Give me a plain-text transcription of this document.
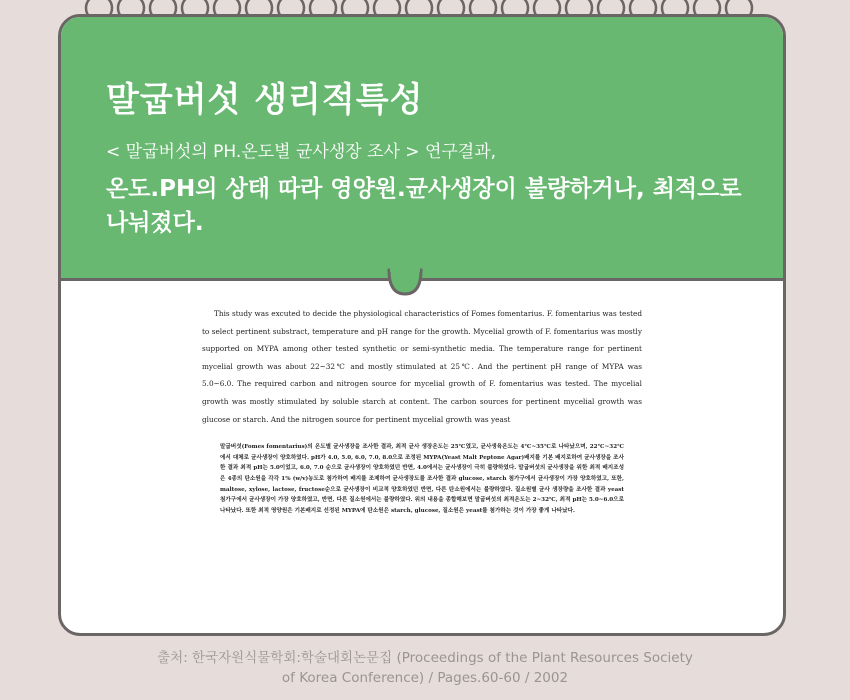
말굽버섯 생리적특성
< 말굽버섯의 PH.온도별 균사생장 조사 > 연구결과,
온도.PH의 상태 따라 영양원.균사생장이 불량하거나, 최적으로 나눠졌다.

This study was excuted to decide the physiological characteristics of Fomes fomentarius. F. fomentarius was tested to select pertinent substract, temperature and pH range for the growth. Mycelial growth of F. fomentarius was mostly supported on MYPA among other tested synthetic or semi-synthetic media. The temperature range for pertinent mycelial growth was about 22~32℃ and mostly stimulated at 25℃. And the pertinent pH range of MYPA was 5.0~6.0. The required carbon and nitrogen source for mycelial growth of F. fomentarius was tested. The mycelial growth was mostly stimulated by soluble starch at content. The carbon sources for pertinent mycelial growth was glucose or starch. And the nitrogen source for pertinent mycelial growth was yeast

말굽버섯(Fomes fomentarius)의 온도별 균사생장을 조사한 결과, 최적 균사 생장온도는 25℃였고, 균사생육온도는 4℃~35℃로 나타났으며, 22℃~32℃에서 대체로 균사생장이 양호하였다. pH가 4.0, 5.0, 6.0, 7.0, 8.0으로 조정된 MYPA(Yeast Malt Peptone Agar)배지를 기본 배지로하여 균사생장을 조사한 결과 최적 pH는 5.0이었고, 6.0, 7.0 순으로 균사생장이 양호하였던 반면, 4.0에서는 균사생장이 극히 불량하였다. 말굽버섯의 균사생장을 위한 최적 배지조성은 4종의 탄소원을 각각 1% (w/v)농도로 첨가하여 배지를 조제하여 균사생장도를 조사한 결과 glucose, starch 첨가구에서 균사생장이 가장 양호하였고, 또한, maltose, xylose, lactose, fructose순으로 균사생장이 비교적 양호하였던 반면, 다른 탄소원에서는 불량하였다. 질소원별 균사 생장량을 조사한 결과 yeast 첨가구에서 균사생장이 가장 양호하였고, 반면, 다른 질소원에서는 불량하였다. 위의 내용을 종합해보면 말굽버섯의 최적온도는 2~32℃, 최적 pH는 5.0~6.0으로 나타났다. 또한 최적 영양원은 기본배지로 선정된 MYPA에 탄소원은 starch, glucose, 질소원은 yeast를 첨가하는 것이 가장 좋게 나타났다.

출처: 한국자원식물학회:학술대회논문집 (Proceedings of the Plant Resources Society
of Korea Conference) / Pages.60-60 / 2002
